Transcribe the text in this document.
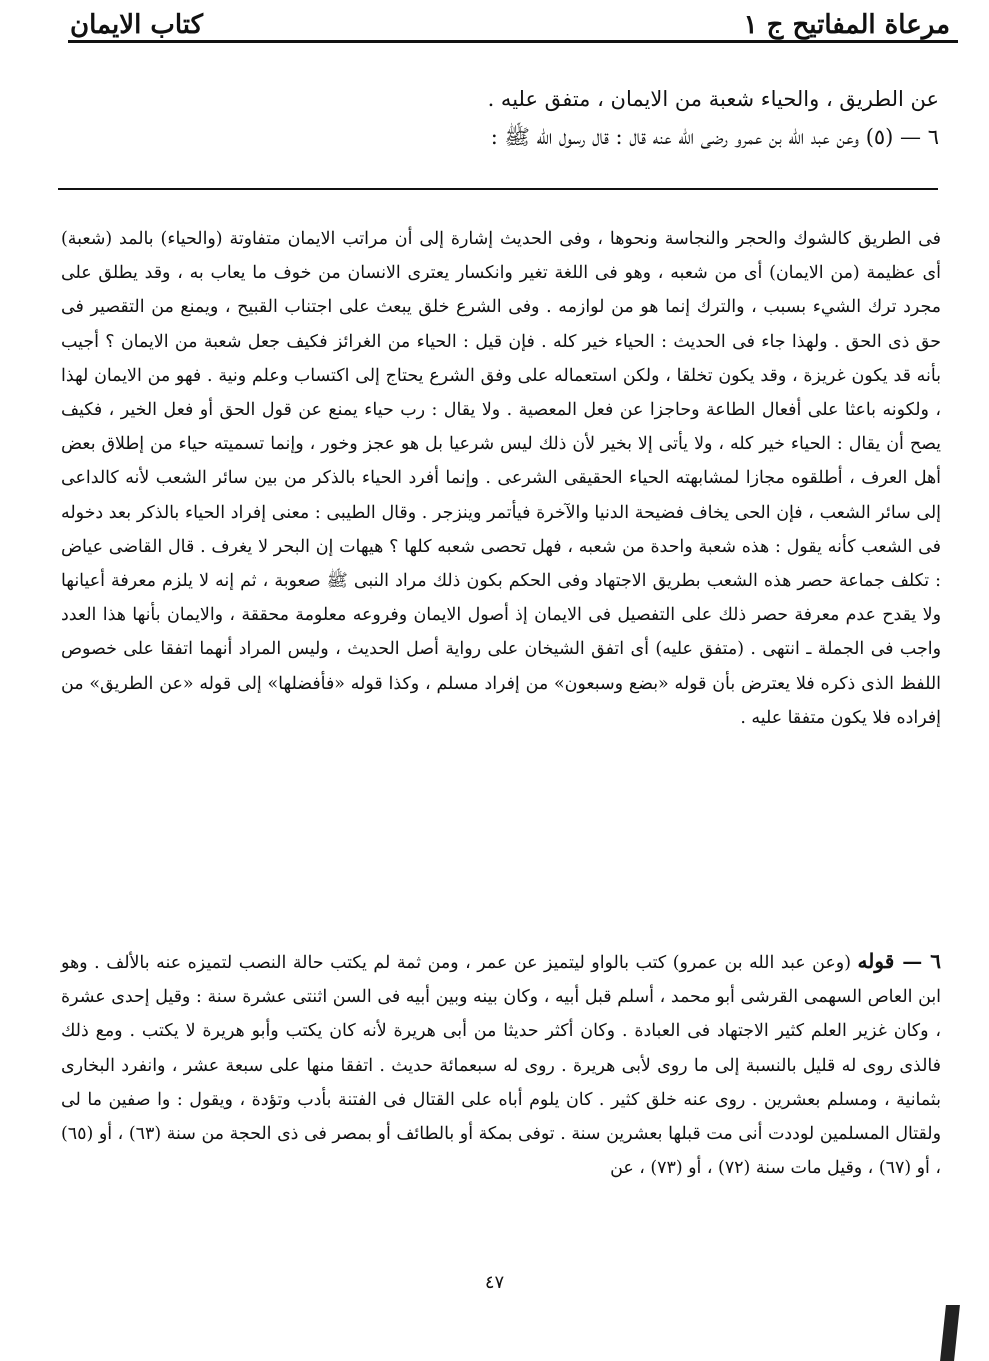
مرعاة المفاتيح ج ١
كتاب الايمان

عن الطريق ، والحياء شعبة من الايمان ، متفق عليه .

٦ — (٥) وعن عبد الله بن عمرو رضى الله عنه قال : قال رسول الله ﷺ :

فى الطريق كالشوك والحجر والنجاسة ونحوها ، وفى الحديث إشارة إلى أن مراتب الايمان متفاوتة (والحياء) بالمد (شعبة) أى عظيمة (من الايمان) أى من شعبه ، وهو فى اللغة تغير وانكسار يعترى الانسان من خوف ما يعاب به ، وقد يطلق على مجرد ترك الشيء بسبب ، والترك إنما هو من لوازمه . وفى الشرع خلق يبعث على اجتناب القبيح ، ويمنع من التقصير فى حق ذى الحق . ولهذا جاء فى الحديث : الحياء خير كله . فإن قيل : الحياء من الغرائز فكيف جعل شعبة من الايمان ؟ أجيب بأنه قد يكون غريزة ، وقد يكون تخلقا ، ولكن استعماله على وفق الشرع يحتاج إلى اكتساب وعلم ونية . فهو من الايمان لهذا ، ولكونه باعثا على أفعال الطاعة وحاجزا عن فعل المعصية . ولا يقال : رب حياء يمنع عن قول الحق أو فعل الخير ، فكيف يصح أن يقال : الحياء خير كله ، ولا يأتى إلا بخير لأن ذلك ليس شرعيا بل هو عجز وخور ، وإنما تسميته حياء من إطلاق بعض أهل العرف ، أطلقوه مجازا لمشابهته الحياء الحقيقى الشرعى . وإنما أفرد الحياء بالذكر من بين سائر الشعب لأنه كالداعى إلى سائر الشعب ، فإن الحى يخاف فضيحة الدنيا والآخرة فيأتمر وينزجر . وقال الطيبى : معنى إفراد الحياء بالذكر بعد دخوله فى الشعب كأنه يقول : هذه شعبة واحدة من شعبه ، فهل تحصى شعبه كلها ؟ هيهات إن البحر لا يغرف . قال القاضى عياض : تكلف جماعة حصر هذه الشعب بطريق الاجتهاد وفى الحكم بكون ذلك مراد النبى ﷺ صعوبة ، ثم إنه لا يلزم معرفة أعيانها ولا يقدح عدم معرفة حصر ذلك على التفصيل فى الايمان إذ أصول الايمان وفروعه معلومة محققة ، والايمان بأنها هذا العدد واجب فى الجملة ـ انتهى . (متفق عليه) أى اتفق الشيخان على رواية أصل الحديث ، وليس المراد أنهما اتفقا على خصوص اللفظ الذى ذكره فلا يعترض بأن قوله «بضع وسبعون» من إفراد مسلم ، وكذا قوله «فأفضلها» إلى قوله «عن الطريق» من إفراده فلا يكون متفقا عليه .

٦ — قوله (وعن عبد الله بن عمرو) كتب بالواو ليتميز عن عمر ، ومن ثمة لم يكتب حالة النصب لتميزه عنه بالألف . وهو ابن العاص السهمى القرشى أبو محمد ، أسلم قبل أبيه ، وكان بينه وبين أبيه فى السن اثنتى عشرة سنة : وقيل إحدى عشرة ، وكان غزير العلم كثير الاجتهاد فى العبادة . وكان أكثر حديثا من أبى هريرة لأنه كان يكتب وأبو هريرة لا يكتب . ومع ذلك فالذى روى له قليل بالنسبة إلى ما روى لأبى هريرة . روى له سبعمائة حديث . اتفقا منها على سبعة عشر ، وانفرد البخارى بثمانية ، ومسلم بعشرين . روى عنه خلق كثير . كان يلوم أباه على القتال فى الفتنة بأدب وتؤدة ، ويقول : وا صفين ما لى ولقتال المسلمين لوددت أنى مت قبلها بعشرين سنة . توفى بمكة أو بالطائف أو بمصر فى ذى الحجة من سنة (٦٣) ، أو (٦٥) ، أو (٦٧) ، وقيل مات سنة (٧٢) ، أو (٧٣) ، عن

٤٧
